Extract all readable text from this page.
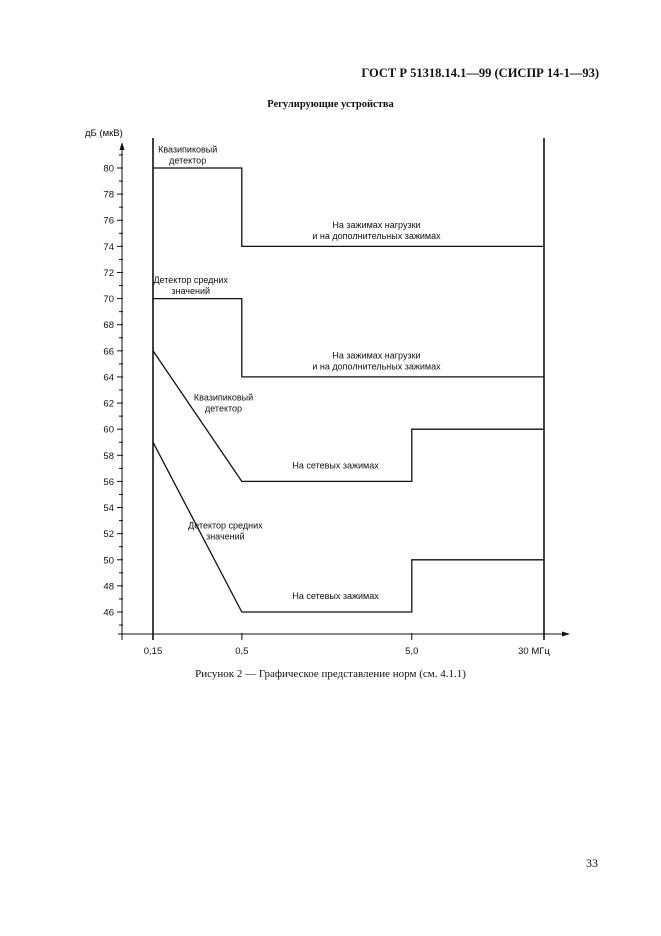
ГОСТ Р 51318.14.1—99 (СИСПР 14-1—93)
Регулирующие устройства
дБ (мкВ)
46
48
50
52
54
56
58
60
62
64
66
68
70
72
74
76
78
80
0,15	0,5	5,0	30 МГц
Квазипиковый
детектор
На зажимах нагрузки
и на дополнительных зажимах
Детектор средних
значений
На зажимах нагрузки
и на дополнительных зажимах
Квазипиковый
детектор
На сетевых зажимах
Детектор средних
значений
На сетевых зажимах
Рисунок 2 — Графическое представление норм (см. 4.1.1)
33
